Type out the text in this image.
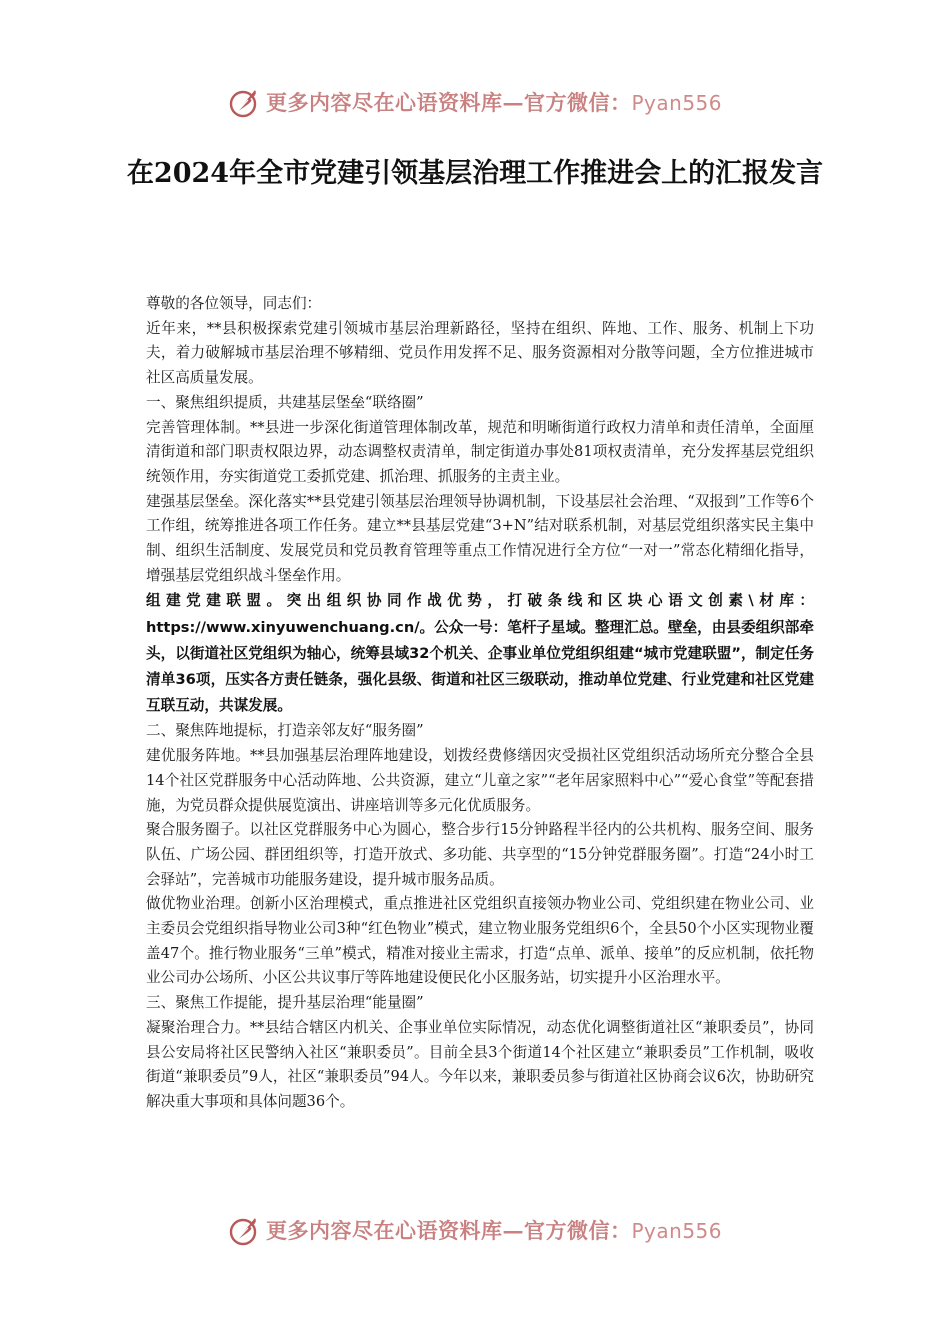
更多内容尽在心语资料库—官方微信：Pyan556
在2024年全市党建引领基层治理工作推进会上的汇报发言

尊敬的各位领导，同志们：

近年来，**县积极探索党建引领城市基层治理新路径，坚持在组织、阵地、工作、服务、机制上下功夫，着力破解城市基层治理不够精细、党员作用发挥不足、服务资源相对分散等问题，全方位推进城市社区高质量发展。

一、聚焦组织提质，共建基层堡垒“联络圈”

完善管理体制。**县进一步深化街道管理体制改革，规范和明晰街道行政权力清单和责任清单，全面厘清街道和部门职责权限边界，动态调整权责清单，制定街道办事处81项权责清单，充分发挥基层党组织统领作用，夯实街道党工委抓党建、抓治理、抓服务的主责主业。

建强基层堡垒。深化落实**县党建引领基层治理领导协调机制，下设基层社会治理、“双报到”工作等6个工作组，统筹推进各项工作任务。建立**县基层党建“3+N”结对联系机制，对基层党组织落实民主集中制、组织生活制度、发展党员和党员教育管理等重点工作情况进行全方位“一对一”常态化精细化指导，增强基层党组织战斗堡垒作用。

组建党建联盟。突出组织协同作战优势，打破条线和区块心语文创素\材库：https://www.xinyuwenchuang.cn/。公众一号：笔杆子星域。整理汇总。壁垒，由县委组织部牵头，以街道社区党组织为轴心，统筹县域32个机关、企事业单位党组织组建“城市党建联盟”，制定任务清单36项，压实各方责任链条，强化县级、街道和社区三级联动，推动单位党建、行业党建和社区党建互联互动，共谋发展。

二、聚焦阵地提标，打造亲邻友好“服务圈”

建优服务阵地。**县加强基层治理阵地建设，划拨经费修缮因灾受损社区党组织活动场所充分整合全县14个社区党群服务中心活动阵地、公共资源，建立“儿童之家”“老年居家照料中心”“爱心食堂”等配套措施，为党员群众提供展览演出、讲座培训等多元化优质服务。

聚合服务圈子。以社区党群服务中心为圆心，整合步行15分钟路程半径内的公共机构、服务空间、服务队伍、广场公园、群团组织等，打造开放式、多功能、共享型的“15分钟党群服务圈”。打造“24小时工会驿站”，完善城市功能服务建设，提升城市服务品质。

做优物业治理。创新小区治理模式，重点推进社区党组织直接领办物业公司、党组织建在物业公司、业主委员会党组织指导物业公司3种“红色物业”模式，建立物业服务党组织6个，全县50个小区实现物业覆盖47个。推行物业服务“三单”模式，精准对接业主需求，打造“点单、派单、接单”的反应机制，依托物业公司办公场所、小区公共议事厅等阵地建设便民化小区服务站，切实提升小区治理水平。

三、聚焦工作提能，提升基层治理“能量圈”

凝聚治理合力。**县结合辖区内机关、企事业单位实际情况，动态优化调整街道社区“兼职委员”，协同县公安局将社区民警纳入社区“兼职委员”。目前全县3个街道14个社区建立“兼职委员”工作机制，吸收街道“兼职委员”9人，社区“兼职委员”94人。今年以来，兼职委员参与街道社区协商会议6次，协助研究解决重大事项和具体问题36个。

更多内容尽在心语资料库—官方微信：Pyan556
